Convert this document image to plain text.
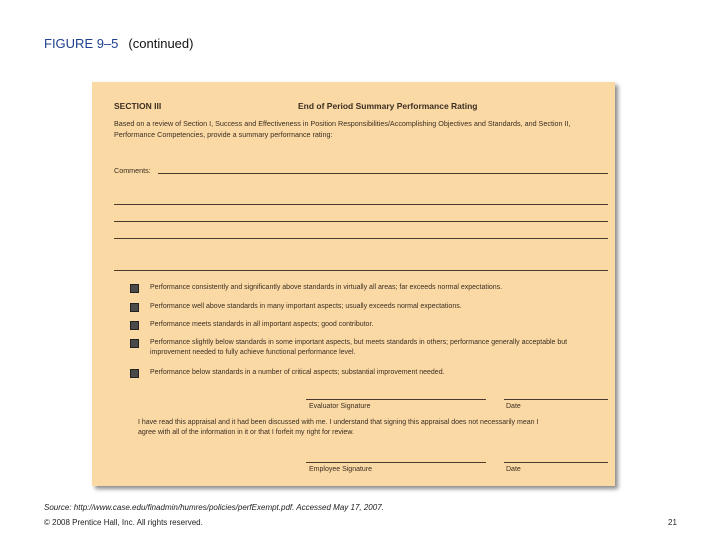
FIGURE 9–5 (continued)
SECTION III	End of Period Summary Performance Rating
Based on a review of Section I, Success and Effectiveness in Position Responsibilities/Accomplishing Objectives and Standards, and Section II, Performance Competencies, provide a summary performance rating:
Comments:
Performance consistently and significantly above standards in virtually all areas; far exceeds normal expectations.
Performance well above standards in many important aspects; usually exceeds normal expectations.
Performance meets standards in all important aspects; good contributor.
Performance slightly below standards in some important aspects, but meets standards in others; performance generally acceptable but improvement needed to fully achieve functional performance level.
Performance below standards in a number of critical aspects; substantial improvement needed.
Evaluator Signature	Date
I have read this appraisal and it had been discussed with me. I understand that signing this appraisal does not necessarily mean I agree with all of the information in it or that I forfeit my right for review.
Employee Signature	Date
Source: http://www.case.edu/finadmin/humres/policies/perfExempt.pdf. Accessed May 17, 2007.
© 2008 Prentice Hall, Inc. All rights reserved.	21
